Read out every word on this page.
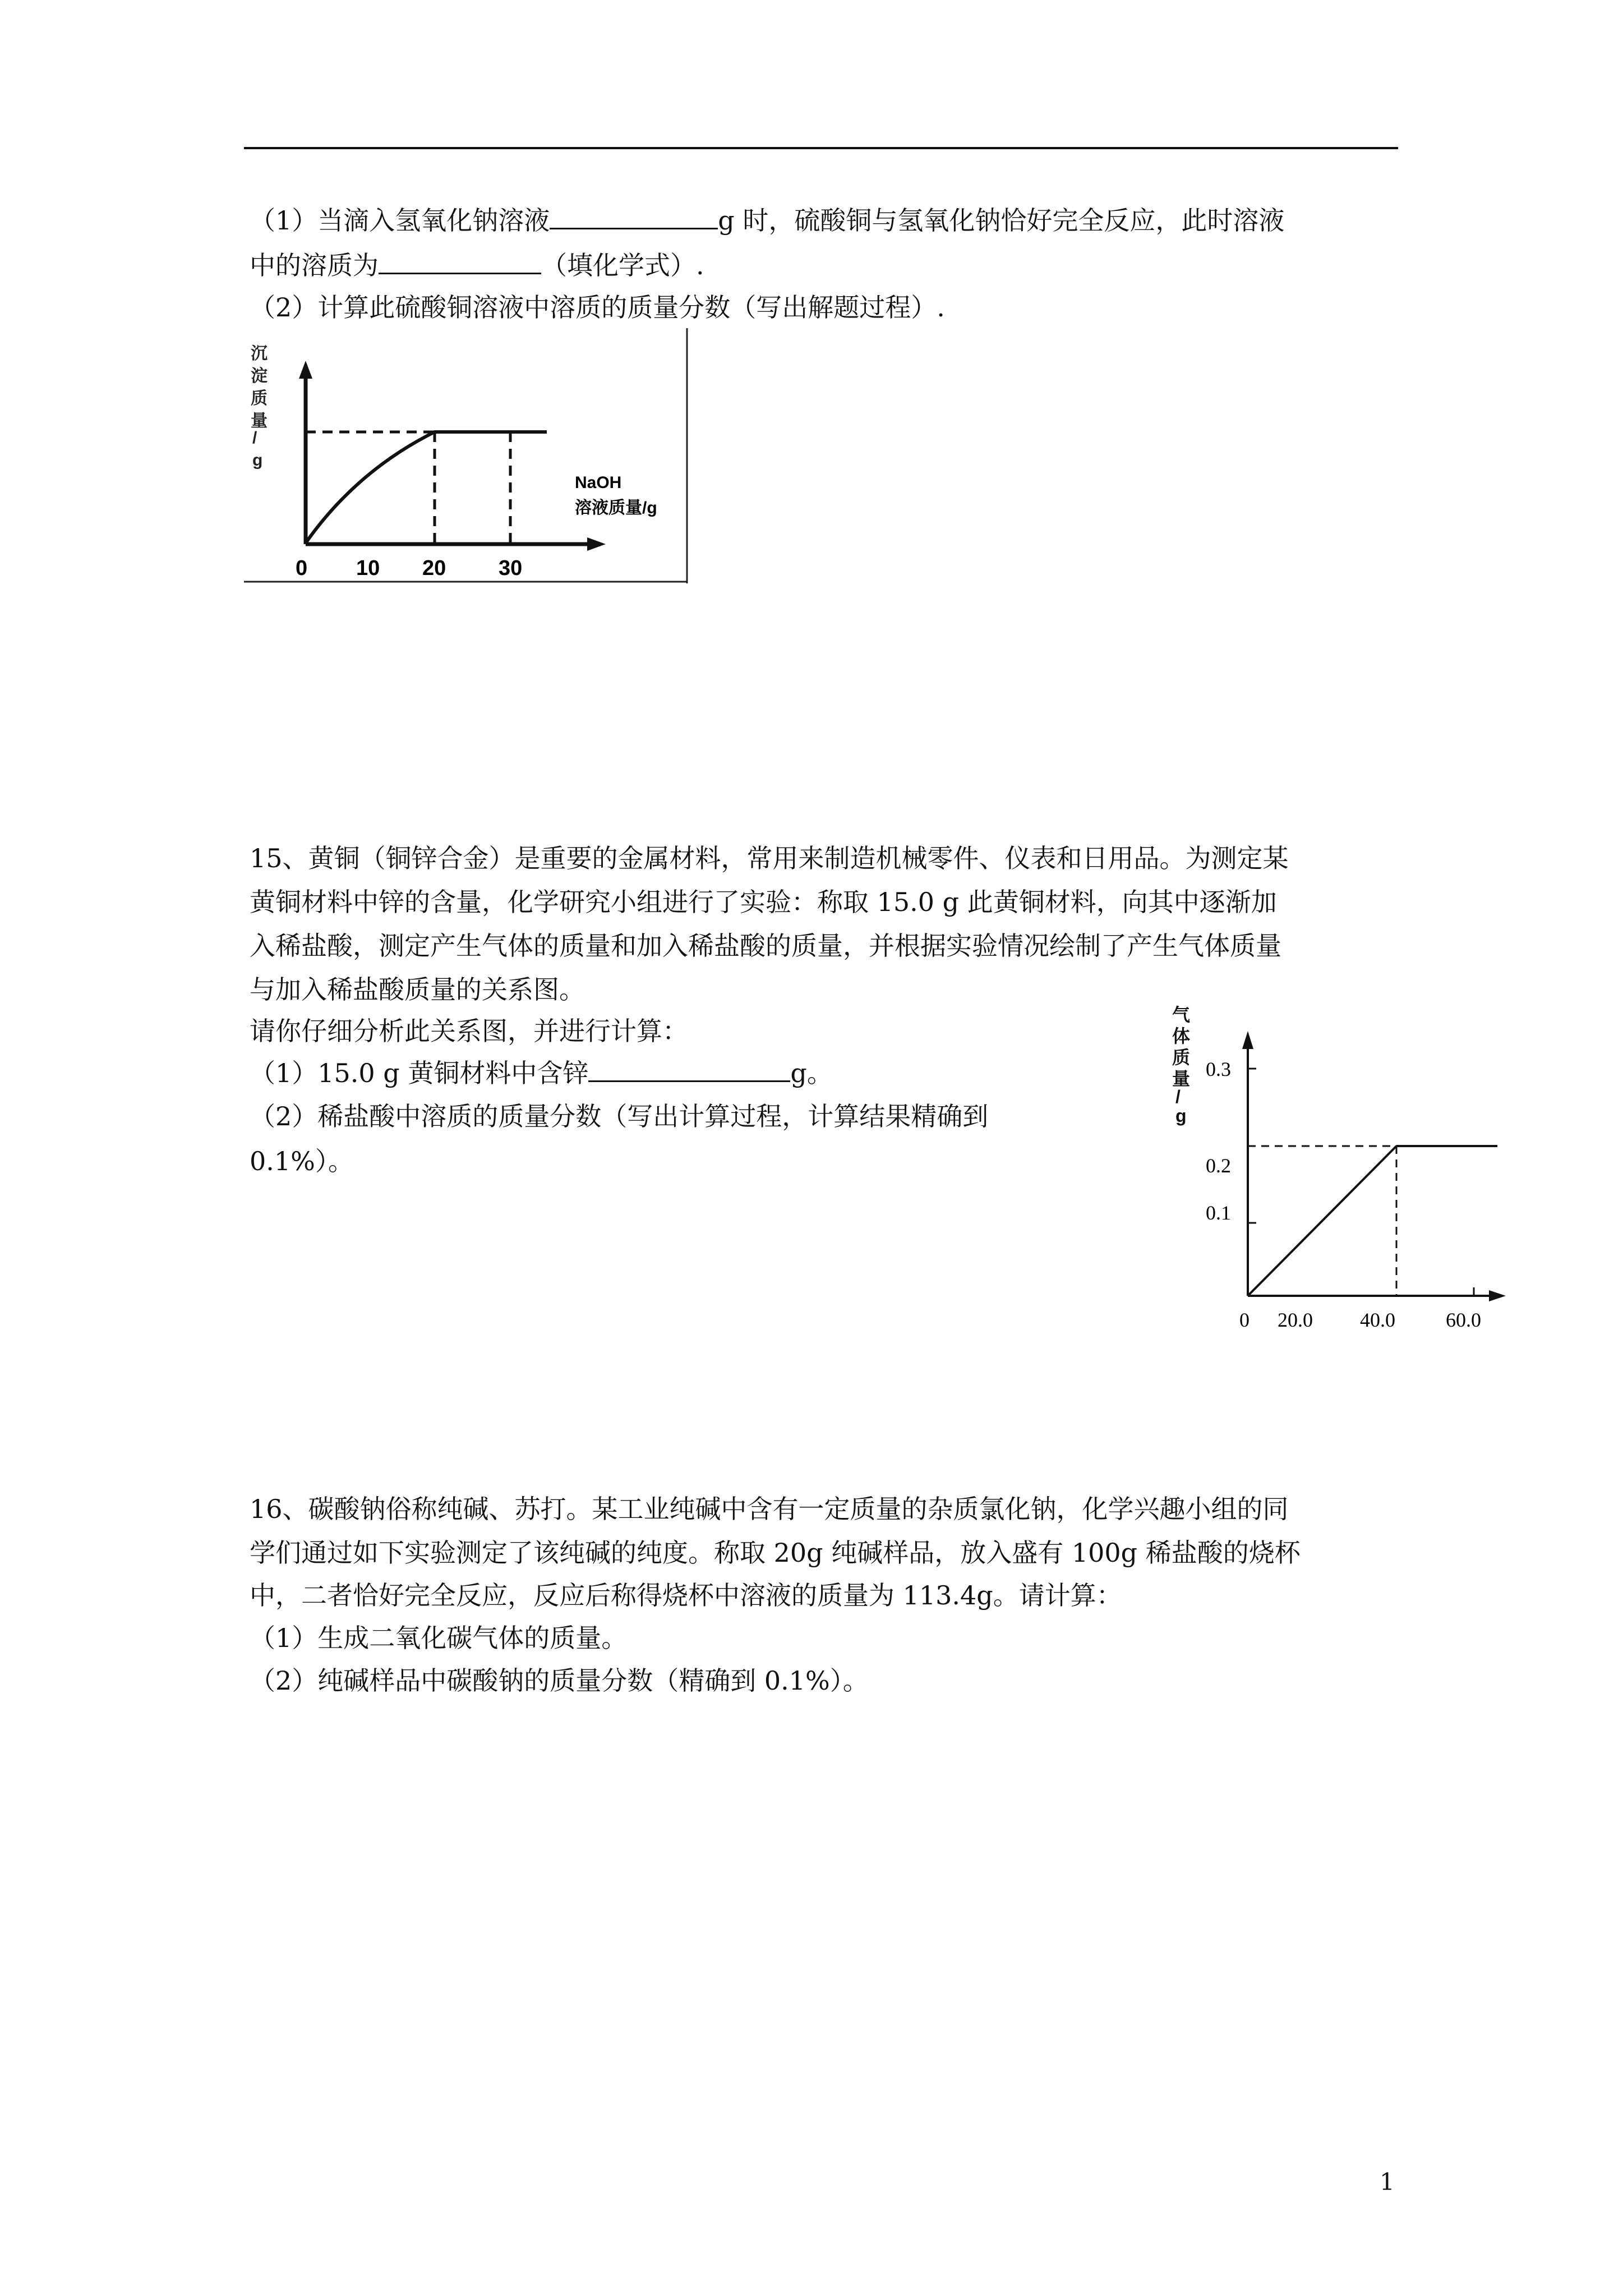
（1）当滴入氢氧化钠溶液	g 时，硫酸铜与氢氧化钠恰好完全反应，此时溶液
中的溶质为	（填化学式）.
（2）计算此硫酸铜溶液中溶质的质量分数（写出解题过程）.
沉
淀
质
量
/
g
NaOH
溶液质量/g
0 10 20 30
15、黄铜（铜锌合金）是重要的金属材料，常用来制造机械零件、仪表和日用品。为测定某
黄铜材料中锌的含量，化学研究小组进行了实验：称取 15.0 g 此黄铜材料，向其中逐渐加
入稀盐酸，测定产生气体的质量和加入稀盐酸的质量，并根据实验情况绘制了产生气体质量
与加入稀盐酸质量的关系图。
请你仔细分析此关系图，并进行计算：
（1）15.0 g 黄铜材料中含锌	g。
（2）稀盐酸中溶质的质量分数（写出计算过程，计算结果精确到
0.1%）。
气
体
质
量
/
g
0.3
0.2
0.1
0 20.0 40.0	60.0
16、碳酸钠俗称纯碱、苏打。某工业纯碱中含有一定质量的杂质氯化钠，化学兴趣小组的同
学们通过如下实验测定了该纯碱的纯度。称取 20g 纯碱样品，放入盛有 100g 稀盐酸的烧杯
中，二者恰好完全反应，反应后称得烧杯中溶液的质量为 113.4g。请计算：
（1）生成二氧化碳气体的质量。
（2）纯碱样品中碳酸钠的质量分数（精确到 0.1%）。
1
